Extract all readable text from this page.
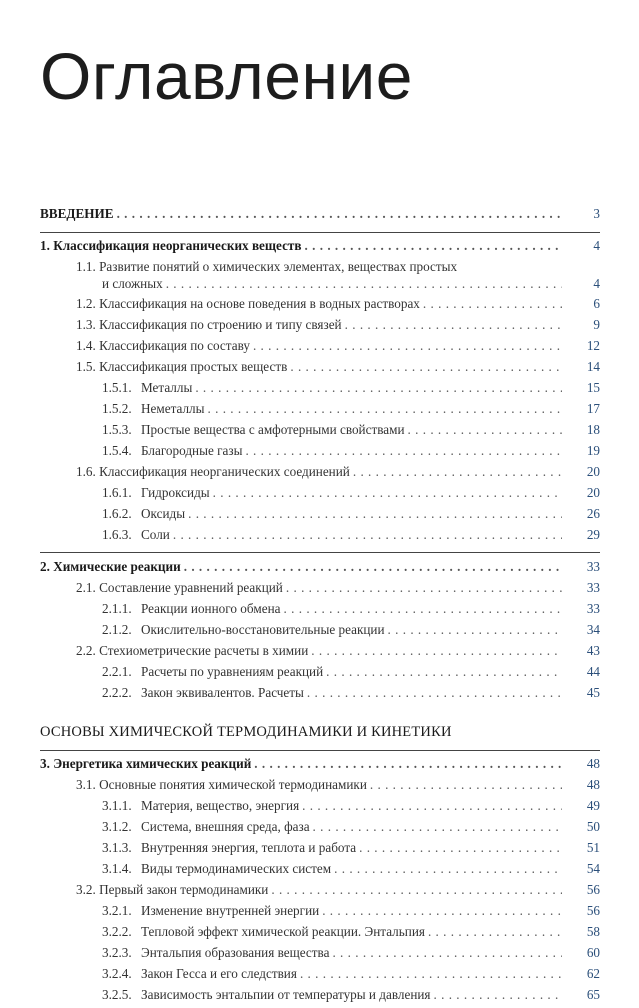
Оглавление
ВВЕДЕНИЕ . . .	3
1. Классификация неорганических веществ . . .	4
1.1. Развитие понятий о химических элементах, веществах простых
и сложных . . .	4
1.2. Классификация на основе поведения в водных растворах . . .	6
1.3. Классификация по строению и типу связей . . .	9
1.4. Классификация по составу . . .	12
1.5. Классификация простых веществ . . .	14
1.5.1. Металлы . . .	15
1.5.2. Неметаллы . . .	17
1.5.3. Простые вещества с амфотерными свойствами . . .	18
1.5.4. Благородные газы . . .	19
1.6. Классификация неорганических соединений . . .	20
1.6.1. Гидроксиды . . .	20
1.6.2. Оксиды . . .	26
1.6.3. Соли . . .	29
2. Химические реакции . . .	33
2.1. Составление уравнений реакций . . .	33
2.1.1. Реакции ионного обмена . . .	33
2.1.2. Окислительно-восстановительные реакции . . .	34
2.2. Стехиометрические расчеты в химии . . .	43
2.2.1. Расчеты по уравнениям реакций . . .	44
2.2.2. Закон эквивалентов. Расчеты . . .	45
ОСНОВЫ ХИМИЧЕСКОЙ ТЕРМОДИНАМИКИ И КИНЕТИКИ
3. Энергетика химических реакций . . .	48
3.1. Основные понятия химической термодинамики . . .	48
3.1.1. Материя, вещество, энергия . . .	49
3.1.2. Система, внешняя среда, фаза . . .	50
3.1.3. Внутренняя энергия, теплота и работа . . .	51
3.1.4. Виды термодинамических систем . . .	54
3.2. Первый закон термодинамики . . .	56
3.2.1. Изменение внутренней энергии . . .	56
3.2.2. Тепловой эффект химической реакции. Энтальпия . . .	58
3.2.3. Энтальпия образования вещества . . .	60
3.2.4. Закон Гесса и его следствия . . .	62
3.2.5. Зависимость энтальпии от температуры и давления . . .	65
